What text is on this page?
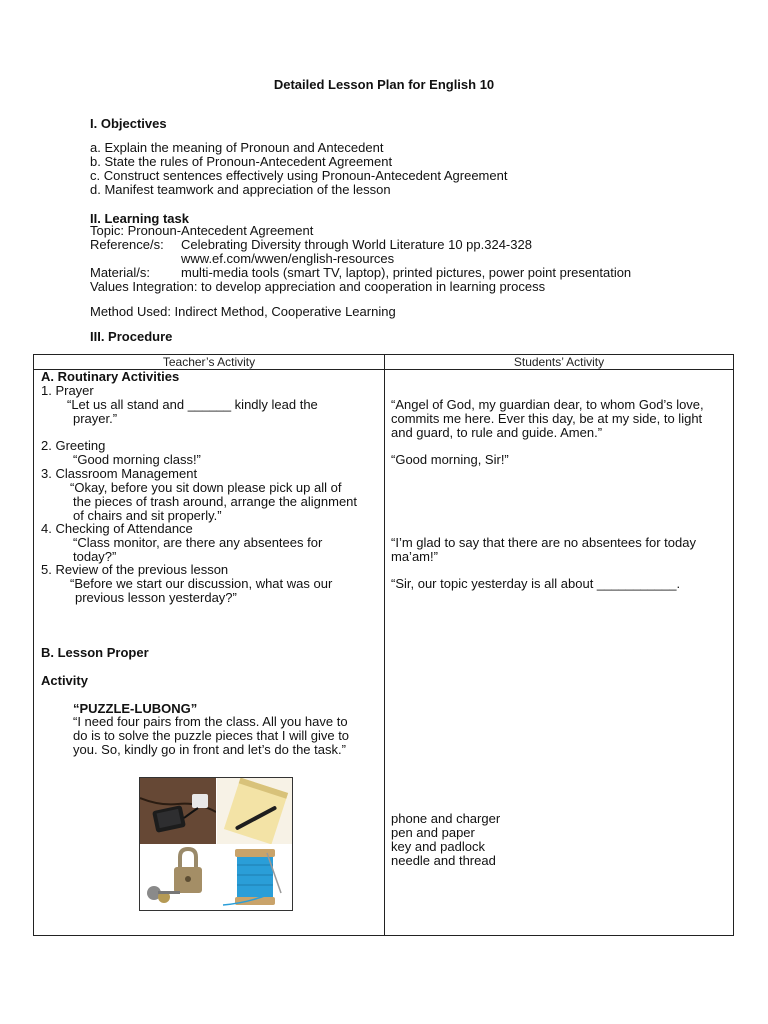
Detailed Lesson Plan for English 10
I. Objectives
a. Explain the meaning of Pronoun and Antecedent
b. State the rules of Pronoun-Antecedent Agreement
c. Construct sentences effectively using Pronoun-Antecedent Agreement
d. Manifest teamwork and appreciation of the lesson
II. Learning task
Topic: Pronoun-Antecedent Agreement
Reference/s: Celebrating Diversity through World Literature 10 pp.324-328
www.ef.com/wwen/english-resources
Material/s: multi-media tools (smart TV, laptop), printed pictures, power point presentation
Values Integration: to develop appreciation and cooperation in learning process
Method Used: Indirect Method, Cooperative Learning
III. Procedure
Teacher’s Activity	Students’ Activity
A. Routinary Activities
1. Prayer
“Let us all stand and ______ kindly lead the
prayer.”
“Angel of God, my guardian dear, to whom God’s love,
commits me here. Ever this day, be at my side, to light
and guard, to rule and guide. Amen.”
2. Greeting
“Good morning class!”	“Good morning, Sir!”
3. Classroom Management
“Okay, before you sit down please pick up all of
the pieces of trash around, arrange the alignment
of chairs and sit properly.”
4. Checking of Attendance
“Class monitor, are there any absentees for
today?”
“I’m glad to say that there are no absentees for today
ma’am!”
5. Review of the previous lesson
“Before we start our discussion, what was our
previous lesson yesterday?”
“Sir, our topic yesterday is all about ___________.
B. Lesson Proper
Activity
“PUZZLE-LUBONG”
“I need four pairs from the class. All you have to
do is to solve the puzzle pieces that I will give to
you. So, kindly go in front and let’s do the task.”
phone and charger
pen and paper
key and padlock
needle and thread
